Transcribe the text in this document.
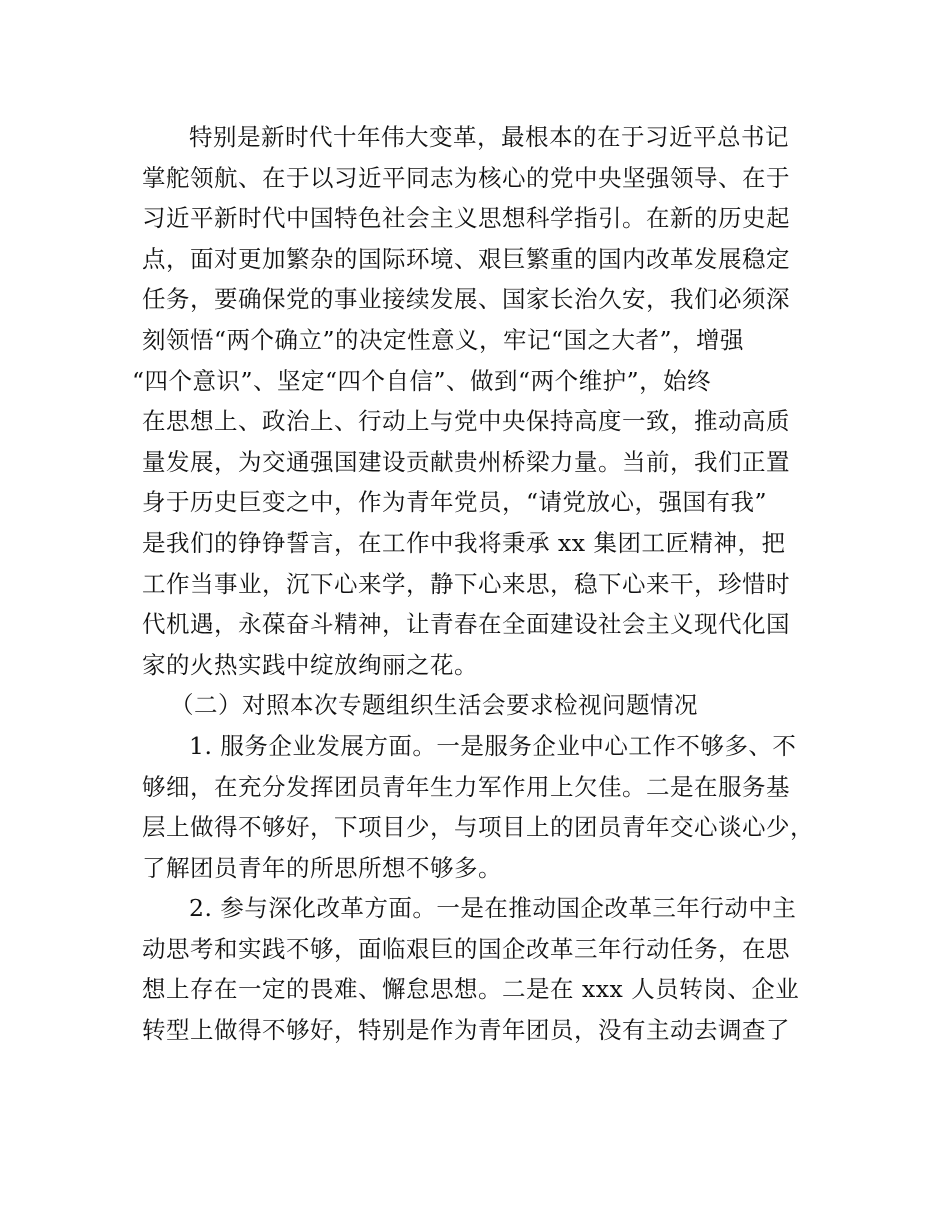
特别是新时代十年伟大变革，最根本的在于习近平总书记
掌舵领航、在于以习近平同志为核心的党中央坚强领导、在于
习近平新时代中国特色社会主义思想科学指引。在新的历史起
点，面对更加繁杂的国际环境、艰巨繁重的国内改革发展稳定
任务，要确保党的事业接续发展、国家长治久安，我们必须深
刻领悟“两个确立”的决定性意义，牢记“国之大者”，增强
“四个意识”、坚定“四个自信”、做到“两个维护”，始终
在思想上、政治上、行动上与党中央保持高度一致，推动高质
量发展，为交通强国建设贡献贵州桥梁力量。当前，我们正置
身于历史巨变之中，作为青年党员，“请党放心，强国有我”
是我们的铮铮誓言，在工作中我将秉承 xx 集团工匠精神，把
工作当事业，沉下心来学，静下心来思，稳下心来干，珍惜时
代机遇，永葆奋斗精神，让青春在全面建设社会主义现代化国
家的火热实践中绽放绚丽之花。
（二）对照本次专题组织生活会要求检视问题情况
1. 服务企业发展方面。一是服务企业中心工作不够多、不
够细，在充分发挥团员青年生力军作用上欠佳。二是在服务基
层上做得不够好，下项目少，与项目上的团员青年交心谈心少，
了解团员青年的所思所想不够多。
2. 参与深化改革方面。一是在推动国企改革三年行动中主
动思考和实践不够，面临艰巨的国企改革三年行动任务，在思
想上存在一定的畏难、懈怠思想。二是在 xxx 人员转岗、企业
转型上做得不够好，特别是作为青年团员，没有主动去调查了
